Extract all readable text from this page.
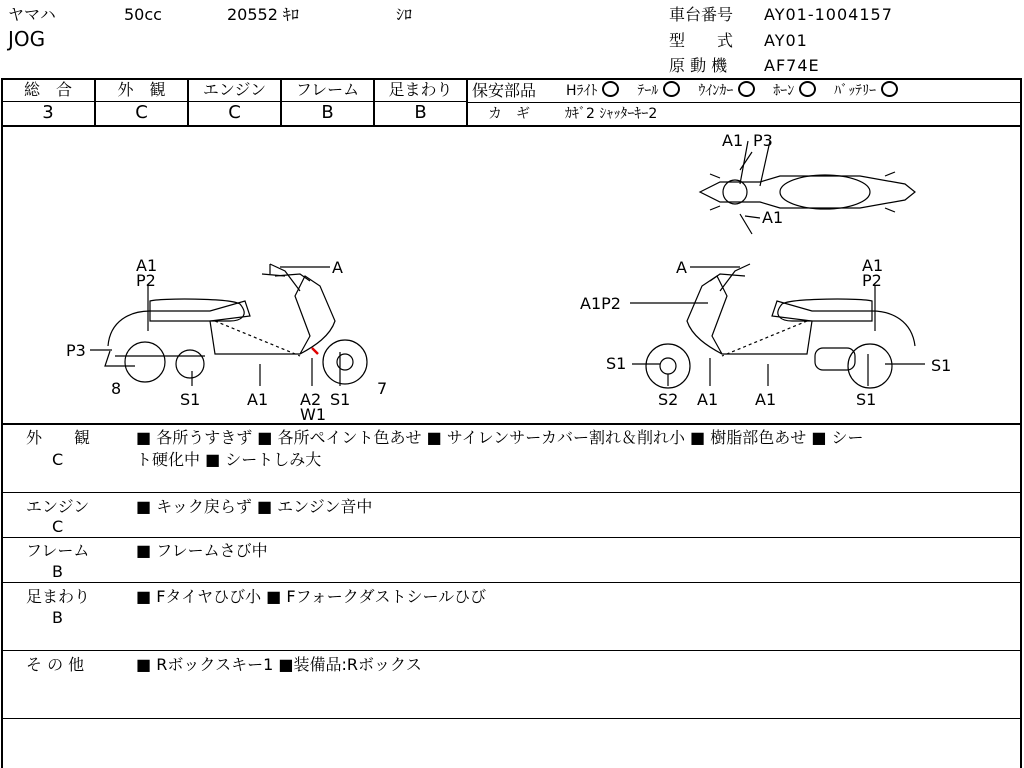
ヤマハ	50cc	20552 ｷﾛ	ｼﾛ
JOG
車台番号 AY01-1004157
型　　式 AY01
原 動 機 AF74E
総　合	外　観	エンジン	フレーム	足まわり
3	C	C	B	B
保安部品 Hﾗｲﾄ	ﾃｰﾙ	ｳｲﾝｶｰ	ﾎｰﾝ	ﾊﾞｯﾃﾘｰ
カ　ギ	ｶｷﾞ2 ｼｬｯﾀｰｷｰ2
A1 P3
A1
A1
P2
A
P3
8
S1	A1 A2
W1
S1
7
A	A1
P2
A1P2
S1
S2 A1 A1	S1
S1
外　　観
C
■ 各所うすきず ■ 各所ペイント色あせ ■ サイレンサーカバー割れ＆削れ小 ■ 樹脂部色あせ ■ シー
ト硬化中 ■ シートしみ大
エンジン
C
■ キック戻らず ■ エンジン音中
フレーム
B
■ フレームさび中
足まわり
B
■ Fタイヤひび小 ■ Fフォークダストシールひび
そ の 他	■ Rボックスキー1 ■装備品:Rボックス
